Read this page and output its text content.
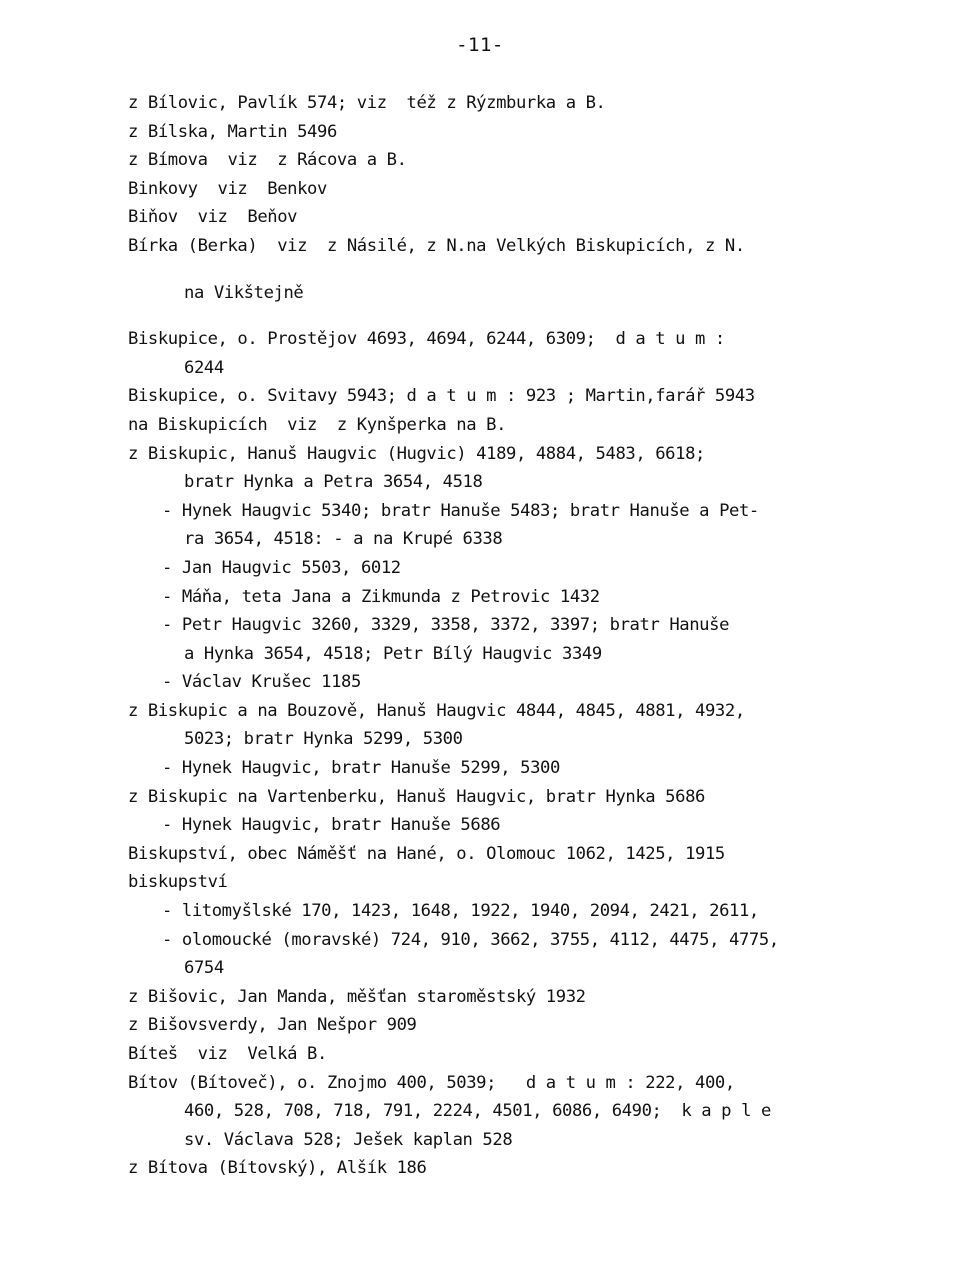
-11-
z Bílovic, Pavlík 574; viz  též z Rýzmburka a B.
z Bílska, Martin 5496
z Bímova  viz  z Rácova a B.
Binkovy  viz  Benkov
Biňov  viz  Beňov
Bírka (Berka)  viz  z Násilé, z N.na Velkých Biskupicích, z N.
na Vikštejně
Biskupice, o. Prostějov 4693, 4694, 6244, 6309;  d a t u m :
6244
Biskupice, o. Svitavy 5943; d a t u m : 923 ; Martin,farář 5943
na Biskupicích  viz  z Kynšperka na B.
z Biskupic, Hanuš Haugvic (Hugvic) 4189, 4884, 5483, 6618;
bratr Hynka a Petra 3654, 4518
- Hynek Haugvic 5340; bratr Hanuše 5483; bratr Hanuše a Pet-
ra 3654, 4518: - a na Krupé 6338
- Jan Haugvic 5503, 6012
- Máňa, teta Jana a Zikmunda z Petrovic 1432
- Petr Haugvic 3260, 3329, 3358, 3372, 3397; bratr Hanuše
a Hynka 3654, 4518; Petr Bílý Haugvic 3349
- Václav Krušec 1185
z Biskupic a na Bouzově, Hanuš Haugvic 4844, 4845, 4881, 4932,
5023; bratr Hynka 5299, 5300
- Hynek Haugvic, bratr Hanuše 5299, 5300
z Biskupic na Vartenberku, Hanuš Haugvic, bratr Hynka 5686
- Hynek Haugvic, bratr Hanuše 5686
Biskupství, obec Náměšť na Hané, o. Olomouc 1062, 1425, 1915
biskupství
- litomyšlské 170, 1423, 1648, 1922, 1940, 2094, 2421, 2611,
- olomoucké (moravské) 724, 910, 3662, 3755, 4112, 4475, 4775,
6754
z Bišovic, Jan Manda, měšťan staroměstský 1932
z Bišovsverdy, Jan Nešpor 909
Bíteš  viz  Velká B.
Bítov (Bítoveč), o. Znojmo 400, 5039;   d a t u m : 222, 400,
460, 528, 708, 718, 791, 2224, 4501, 6086, 6490;  k a p l e
sv. Václava 528; Ješek kaplan 528
z Bítova (Bítovský), Alšík 186
